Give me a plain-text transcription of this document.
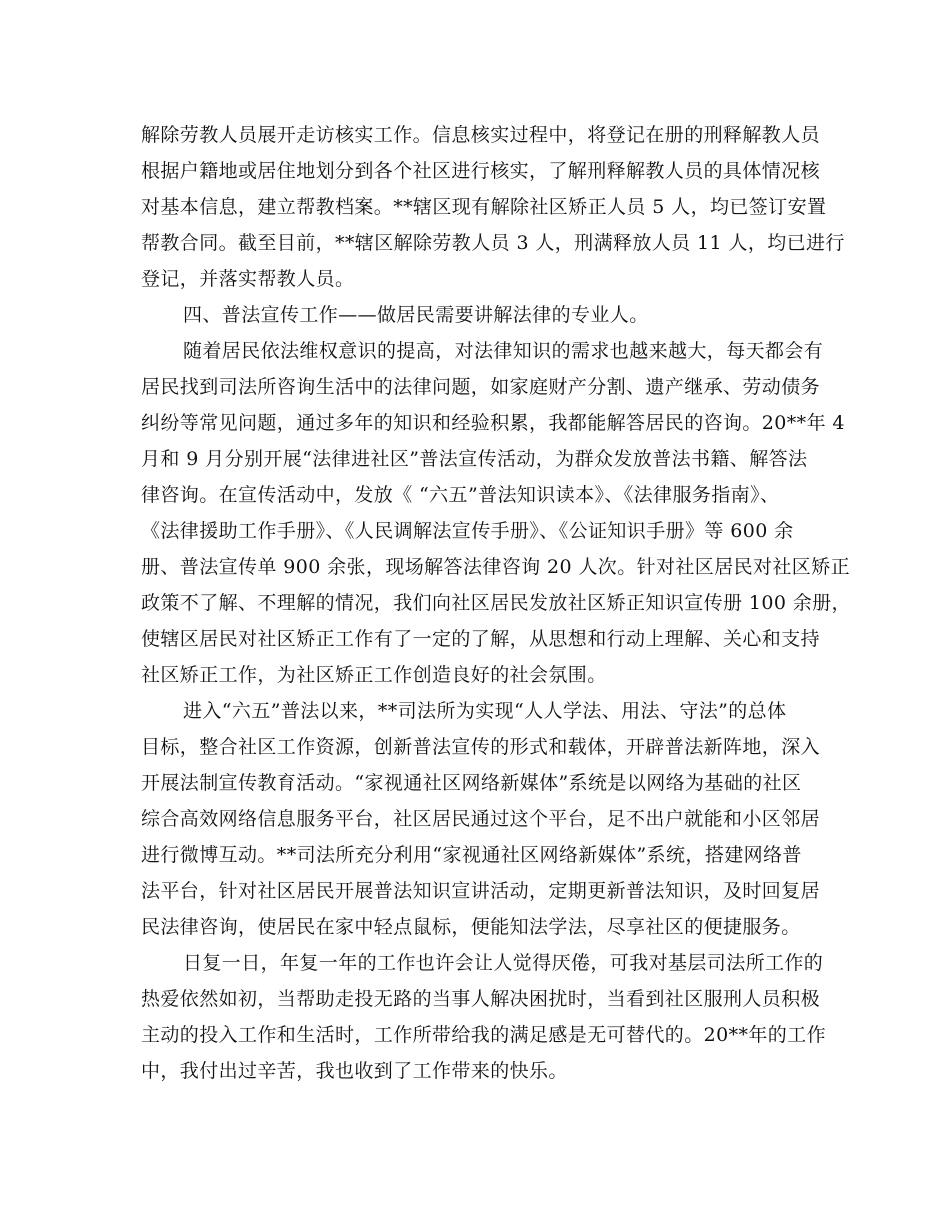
解除劳教人员展开走访核实工作。信息核实过程中，将登记在册的刑释解教人员
根据户籍地或居住地划分到各个社区进行核实，了解刑释解教人员的具体情况核
对基本信息，建立帮教档案。**辖区现有解除社区矫正人员 5 人，均已签订安置
帮教合同。截至目前，**辖区解除劳教人员 3 人，刑满释放人员 11 人，均已进行
登记，并落实帮教人员。
四、普法宣传工作——做居民需要讲解法律的专业人。
随着居民依法维权意识的提高，对法律知识的需求也越来越大，每天都会有
居民找到司法所咨询生活中的法律问题，如家庭财产分割、遗产继承、劳动债务
纠纷等常见问题，通过多年的知识和经验积累，我都能解答居民的咨询。20**年 4
月和 9 月分别开展“法律进社区”普法宣传活动，为群众发放普法书籍、解答法
律咨询。在宣传活动中，发放《 “六五”普法知识读本》、《法律服务指南》、
《法律援助工作手册》、《人民调解法宣传手册》、《公证知识手册》等 600 余
册、普法宣传单 900 余张，现场解答法律咨询 20 人次。针对社区居民对社区矫正
政策不了解、不理解的情况，我们向社区居民发放社区矫正知识宣传册 100 余册，
使辖区居民对社区矫正工作有了一定的了解，从思想和行动上理解、关心和支持
社区矫正工作，为社区矫正工作创造良好的社会氛围。
进入“六五”普法以来，**司法所为实现“人人学法、用法、守法”的总体
目标，整合社区工作资源，创新普法宣传的形式和载体，开辟普法新阵地，深入
开展法制宣传教育活动。“家视通社区网络新媒体”系统是以网络为基础的社区
综合高效网络信息服务平台，社区居民通过这个平台，足不出户就能和小区邻居
进行微博互动。**司法所充分利用“家视通社区网络新媒体”系统，搭建网络普
法平台，针对社区居民开展普法知识宣讲活动，定期更新普法知识，及时回复居
民法律咨询，使居民在家中轻点鼠标，便能知法学法，尽享社区的便捷服务。
日复一日，年复一年的工作也许会让人觉得厌倦，可我对基层司法所工作的
热爱依然如初，当帮助走投无路的当事人解决困扰时，当看到社区服刑人员积极
主动的投入工作和生活时，工作所带给我的满足感是无可替代的。20**年的工作
中，我付出过辛苦，我也收到了工作带来的快乐。
